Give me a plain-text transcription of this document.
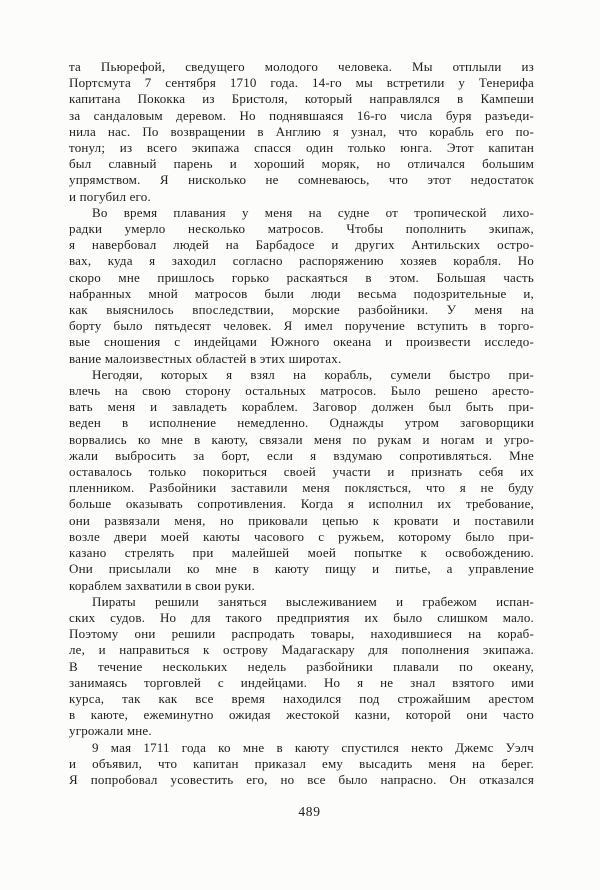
та Пьюрефой, сведущего молодого человека. Мы отплыли из
Портсмута 7 сентября 1710 года. 14-го мы встретили у Тенерифа
капитана Пококка из Бристоля, который направлялся в Кампеши
за сандаловым деревом. Но поднявшаяся 16-го числа буря разъеди-
нила нас. По возвращении в Англию я узнал, что корабль его по-
тонул; из всего экипажа спасся один только юнга. Этот капитан
был славный парень и хороший моряк, но отличался большим
упрямством. Я нисколько не сомневаюсь, что этот недостаток
и погубил его.
Во время плавания у меня на судне от тропической лихо-
радки умерло несколько матросов. Чтобы пополнить экипаж,
я навербовал людей на Барбадосе и других Антильских остро-
вах, куда я заходил согласно распоряжению хозяев корабля. Но
скоро мне пришлось горько раскаяться в этом. Большая часть
набранных мной матросов были люди весьма подозрительные и,
как выяснилось впоследствии, морские разбойники. У меня на
борту было пятьдесят человек. Я имел поручение вступить в торго-
вые сношения с индейцами Южного океана и произвести исследо-
вание малоизвестных областей в этих широтах.
Негодяи, которых я взял на корабль, сумели быстро при-
влечь на свою сторону остальных матросов. Было решено аресто-
вать меня и завладеть кораблем. Заговор должен был быть при-
веден в исполнение немедленно. Однажды утром заговорщики
ворвались ко мне в каюту, связали меня по рукам и ногам и угро-
жали выбросить за борт, если я вздумаю сопротивляться. Мне
оставалось только покориться своей участи и признать себя их
пленником. Разбойники заставили меня поклясться, что я не буду
больше оказывать сопротивления. Когда я исполнил их требование,
они развязали меня, но приковали цепью к кровати и поставили
возле двери моей каюты часового с ружьем, которому было при-
казано стрелять при малейшей моей попытке к освобождению.
Они присылали ко мне в каюту пищу и питье, а управление
кораблем захватили в свои руки.
Пираты решили заняться выслеживанием и грабежом испан-
ских судов. Но для такого предприятия их было слишком мало.
Поэтому они решили распродать товары, находившиеся на кораб-
ле, и направиться к острову Мадагаскару для пополнения экипажа.
В течение нескольких недель разбойники плавали по океану,
занимаясь торговлей с индейцами. Но я не знал взятого ими
курса, так как все время находился под строжайшим арестом
в каюте, ежеминутно ожидая жестокой казни, которой они часто
угрожали мне.
9 мая 1711 года ко мне в каюту спустился некто Джемс Уэлч
и объявил, что капитан приказал ему высадить меня на берег.
Я попробовал усовестить его, но все было напрасно. Он отказался
489
